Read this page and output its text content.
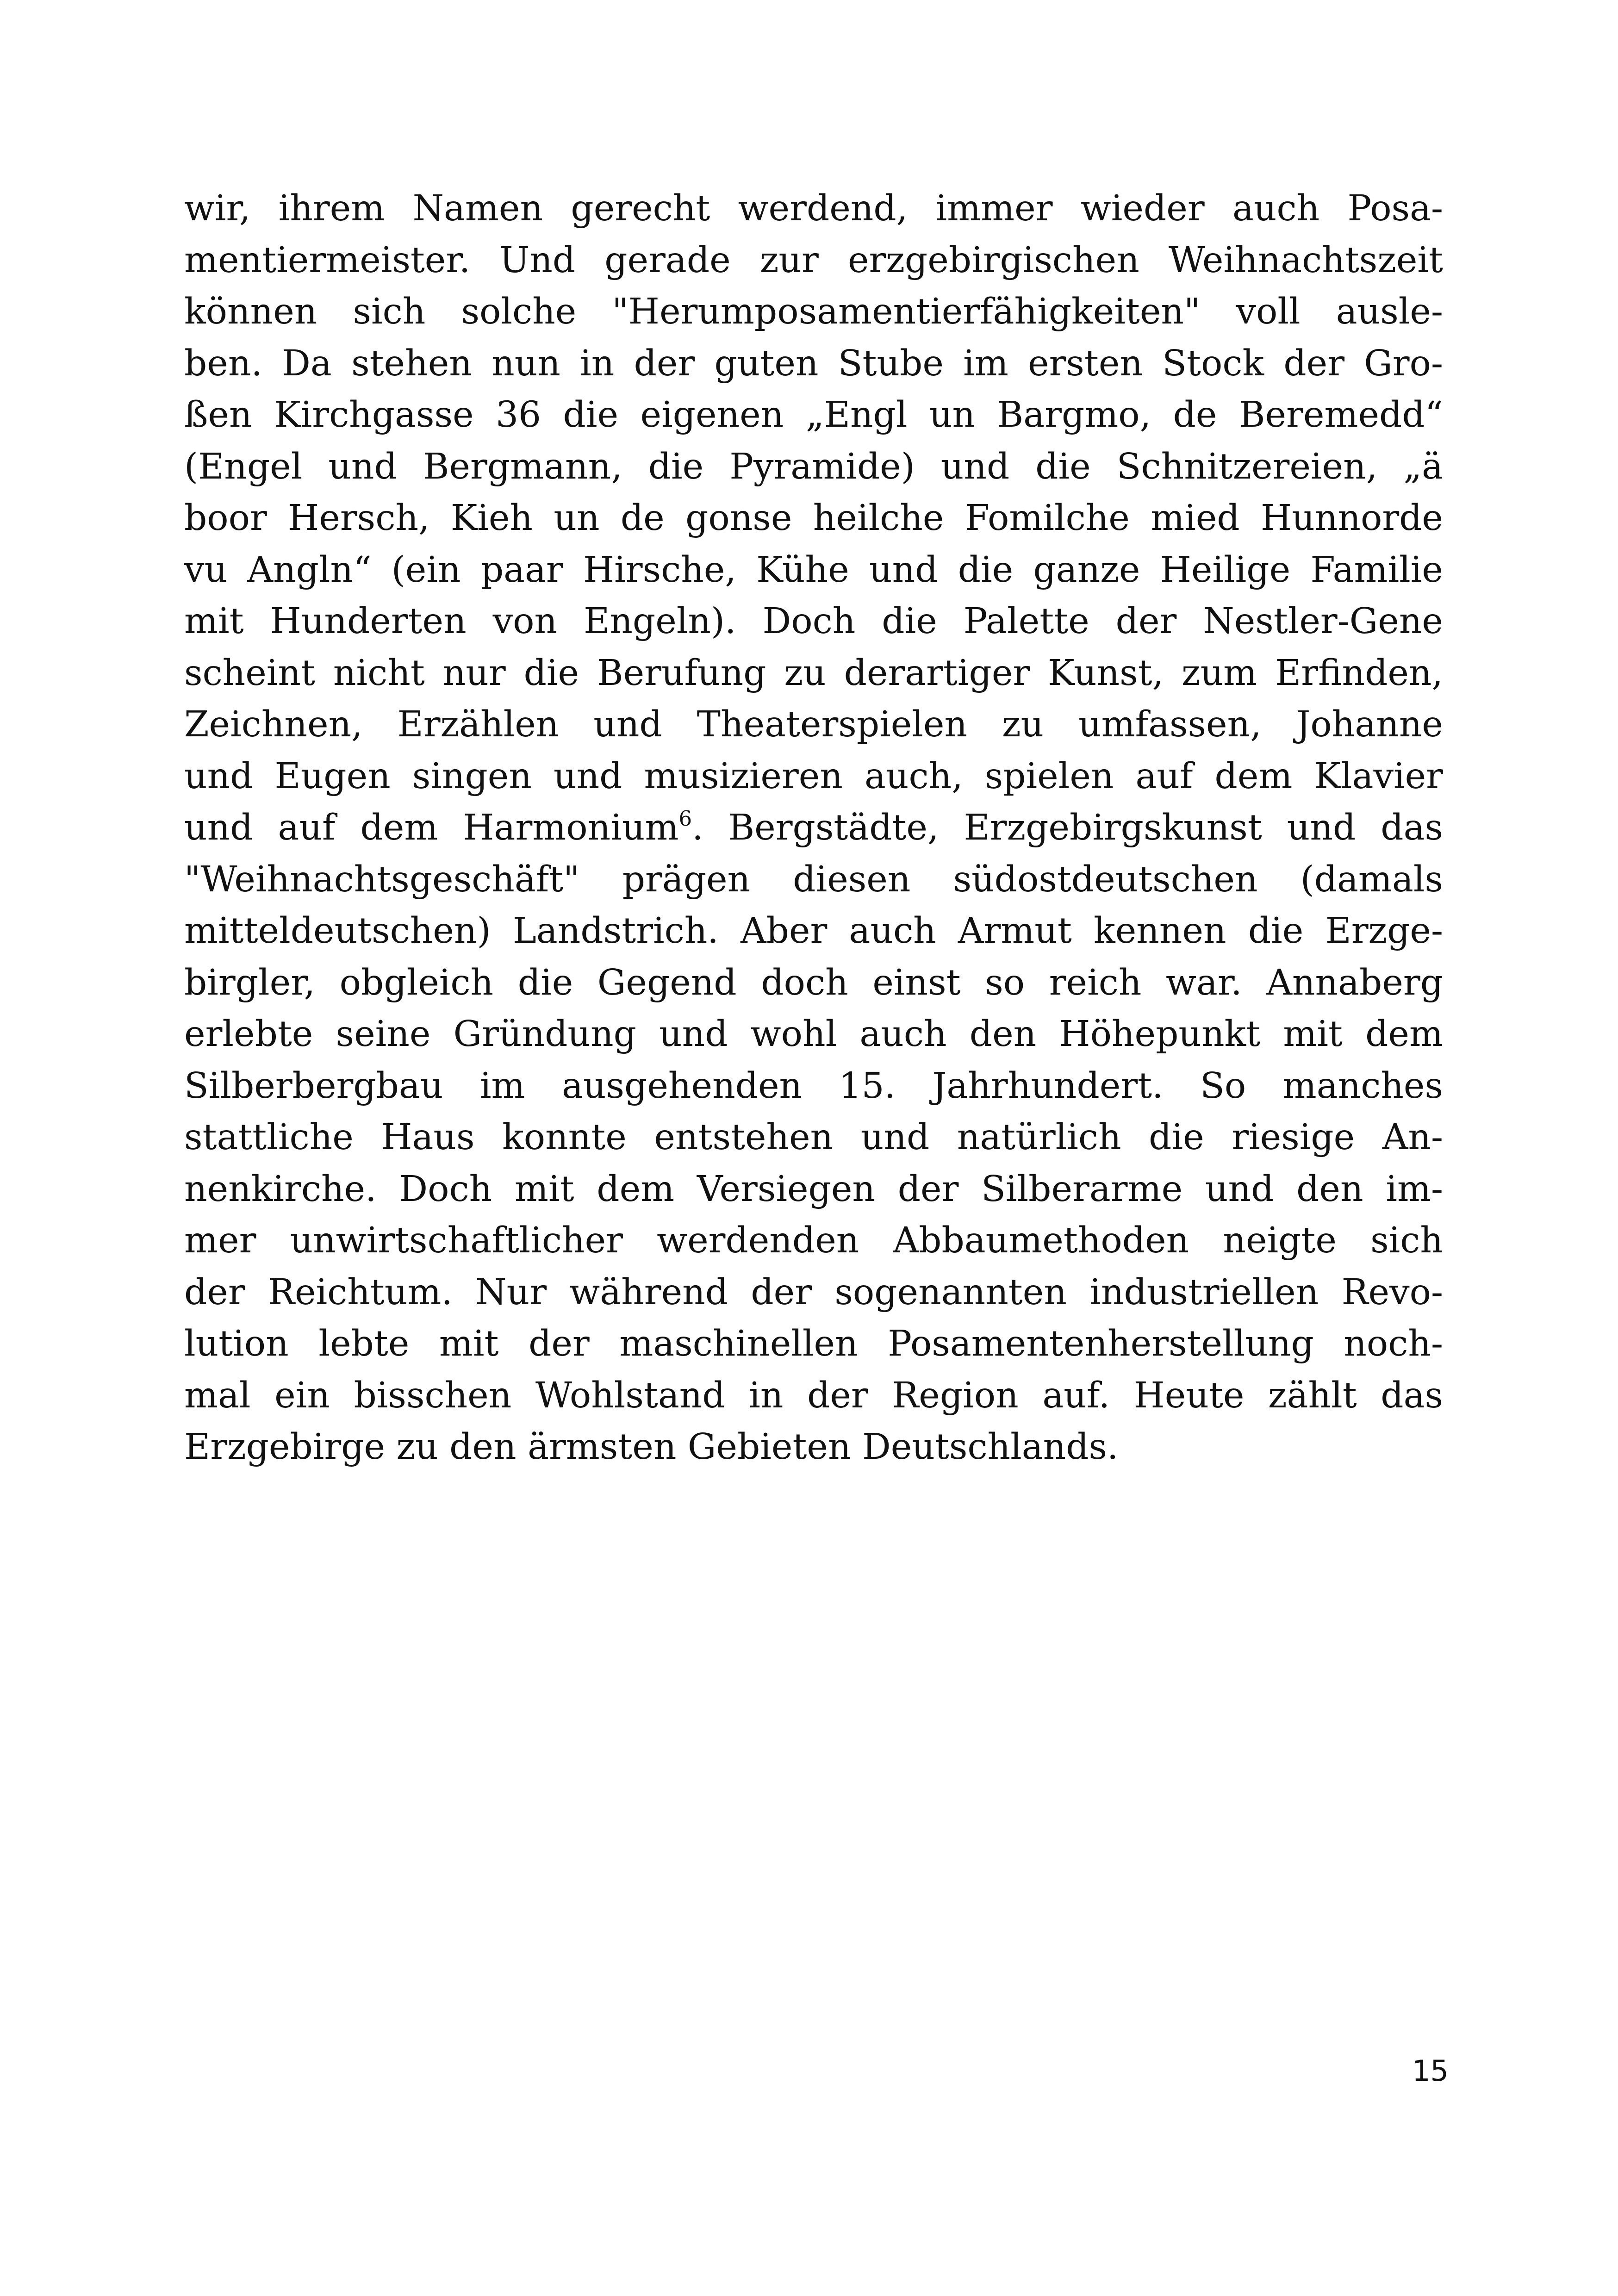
wir, ihrem Namen gerecht werdend, immer wieder auch Posa-
mentiermeister. Und gerade zur erzgebirgischen Weihnachtszeit
können sich solche "Herumposamentierfähigkeiten" voll ausle-
ben. Da stehen nun in der guten Stube im ersten Stock der Gro-
ßen Kirchgasse 36 die eigenen „Engl un Bargmo, de Beremedd“
(Engel und Bergmann, die Pyramide) und die Schnitzereien, „ä
boor Hersch, Kieh un de gonse heilche Fomilche mied Hunnorde
vu Angln“ (ein paar Hirsche, Kühe und die ganze Heilige Familie
mit Hunderten von Engeln). Doch die Palette der Nestler-Gene
scheint nicht nur die Berufung zu derartiger Kunst, zum Erfinden,
Zeichnen, Erzählen und Theaterspielen zu umfassen, Johanne
und Eugen singen und musizieren auch, spielen auf dem Klavier
und auf dem Harmonium$^6$. Bergstädte, Erzgebirgskunst und das
"Weihnachtsgeschäft" prägen diesen südostdeutschen (damals
mitteldeutschen) Landstrich. Aber auch Armut kennen die Erzge-
birgler, obgleich die Gegend doch einst so reich war. Annaberg
erlebte seine Gründung und wohl auch den Höhepunkt mit dem
Silberbergbau im ausgehenden 15. Jahrhundert. So manches
stattliche Haus konnte entstehen und natürlich die riesige An-
nenkirche. Doch mit dem Versiegen der Silberarme und den im-
mer unwirtschaftlicher werdenden Abbaumethoden neigte sich
der Reichtum. Nur während der sogenannten industriellen Revo-
lution lebte mit der maschinellen Posamentenherstellung noch-
mal ein bisschen Wohlstand in der Region auf. Heute zählt das
Erzgebirge zu den ärmsten Gebieten Deutschlands.
15
